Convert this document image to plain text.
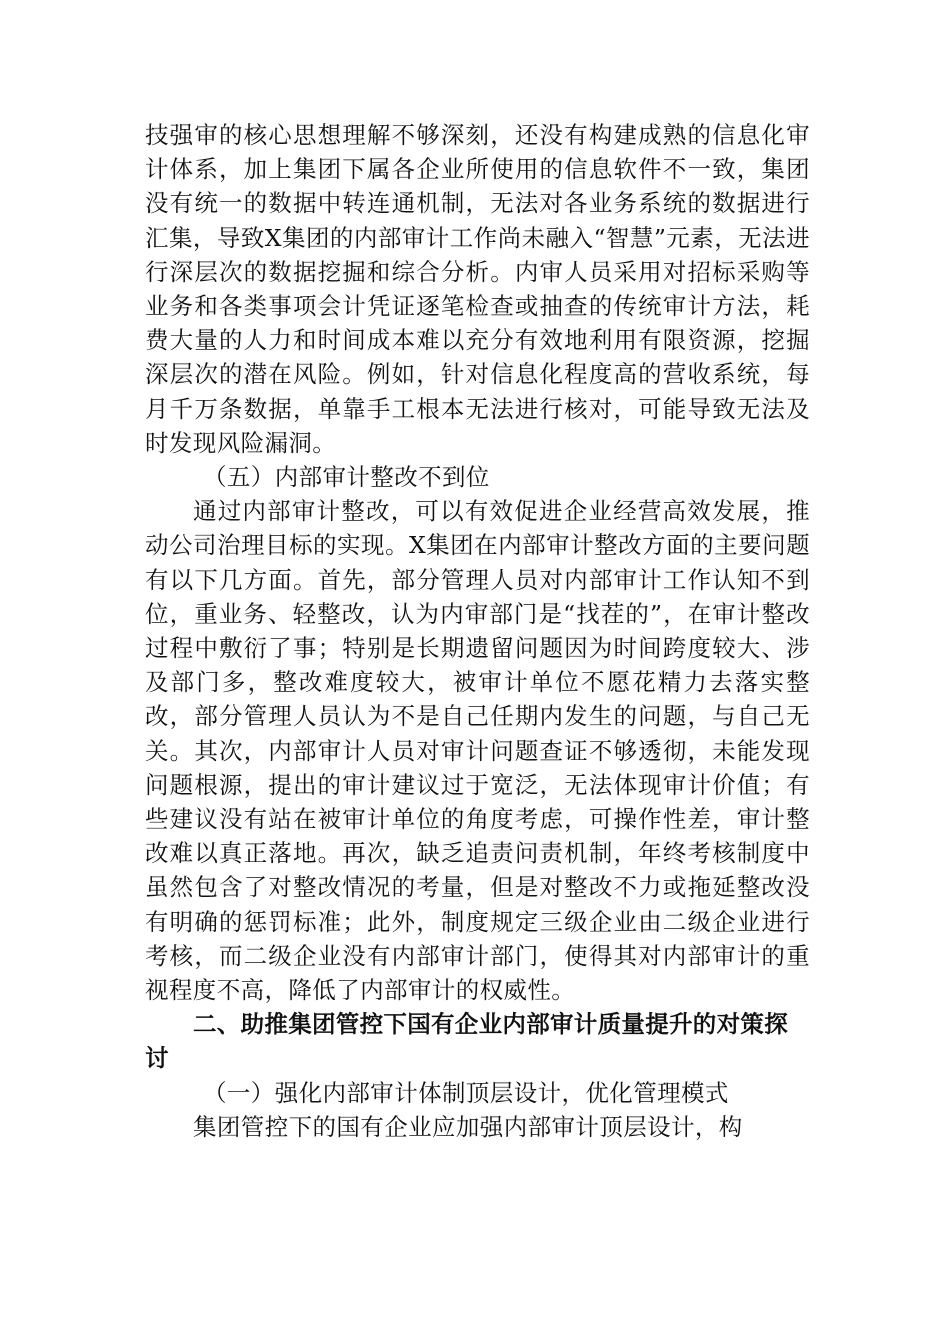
技强审的核心思想理解不够深刻，还没有构建成熟的信息化审计体系，加上集团下属各企业所使用的信息软件不一致，集团没有统一的数据中转连通机制，无法对各业务系统的数据进行汇集，导致X集团的内部审计工作尚未融入“智慧”元素，无法进行深层次的数据挖掘和综合分析。内审人员采用对招标采购等业务和各类事项会计凭证逐笔检查或抽查的传统审计方法，耗费大量的人力和时间成本难以充分有效地利用有限资源，挖掘深层次的潜在风险。例如，针对信息化程度高的营收系统，每月千万条数据，单靠手工根本无法进行核对，可能导致无法及时发现风险漏洞。

（五）内部审计整改不到位

通过内部审计整改，可以有效促进企业经营高效发展，推动公司治理目标的实现。X集团在内部审计整改方面的主要问题有以下几方面。首先，部分管理人员对内部审计工作认知不到位，重业务、轻整改，认为内审部门是“找茬的”，在审计整改过程中敷衍了事；特别是长期遗留问题因为时间跨度较大、涉及部门多，整改难度较大，被审计单位不愿花精力去落实整改，部分管理人员认为不是自己任期内发生的问题，与自己无关。其次，内部审计人员对审计问题查证不够透彻，未能发现问题根源，提出的审计建议过于宽泛，无法体现审计价值；有些建议没有站在被审计单位的角度考虑，可操作性差，审计整改难以真正落地。再次，缺乏追责问责机制，年终考核制度中虽然包含了对整改情况的考量，但是对整改不力或拖延整改没有明确的惩罚标准；此外，制度规定三级企业由二级企业进行考核，而二级企业没有内部审计部门，使得其对内部审计的重视程度不高，降低了内部审计的权威性。

二、助推集团管控下国有企业内部审计质量提升的对策探讨

（一）强化内部审计体制顶层设计，优化管理模式

集团管控下的国有企业应加强内部审计顶层设计，构
